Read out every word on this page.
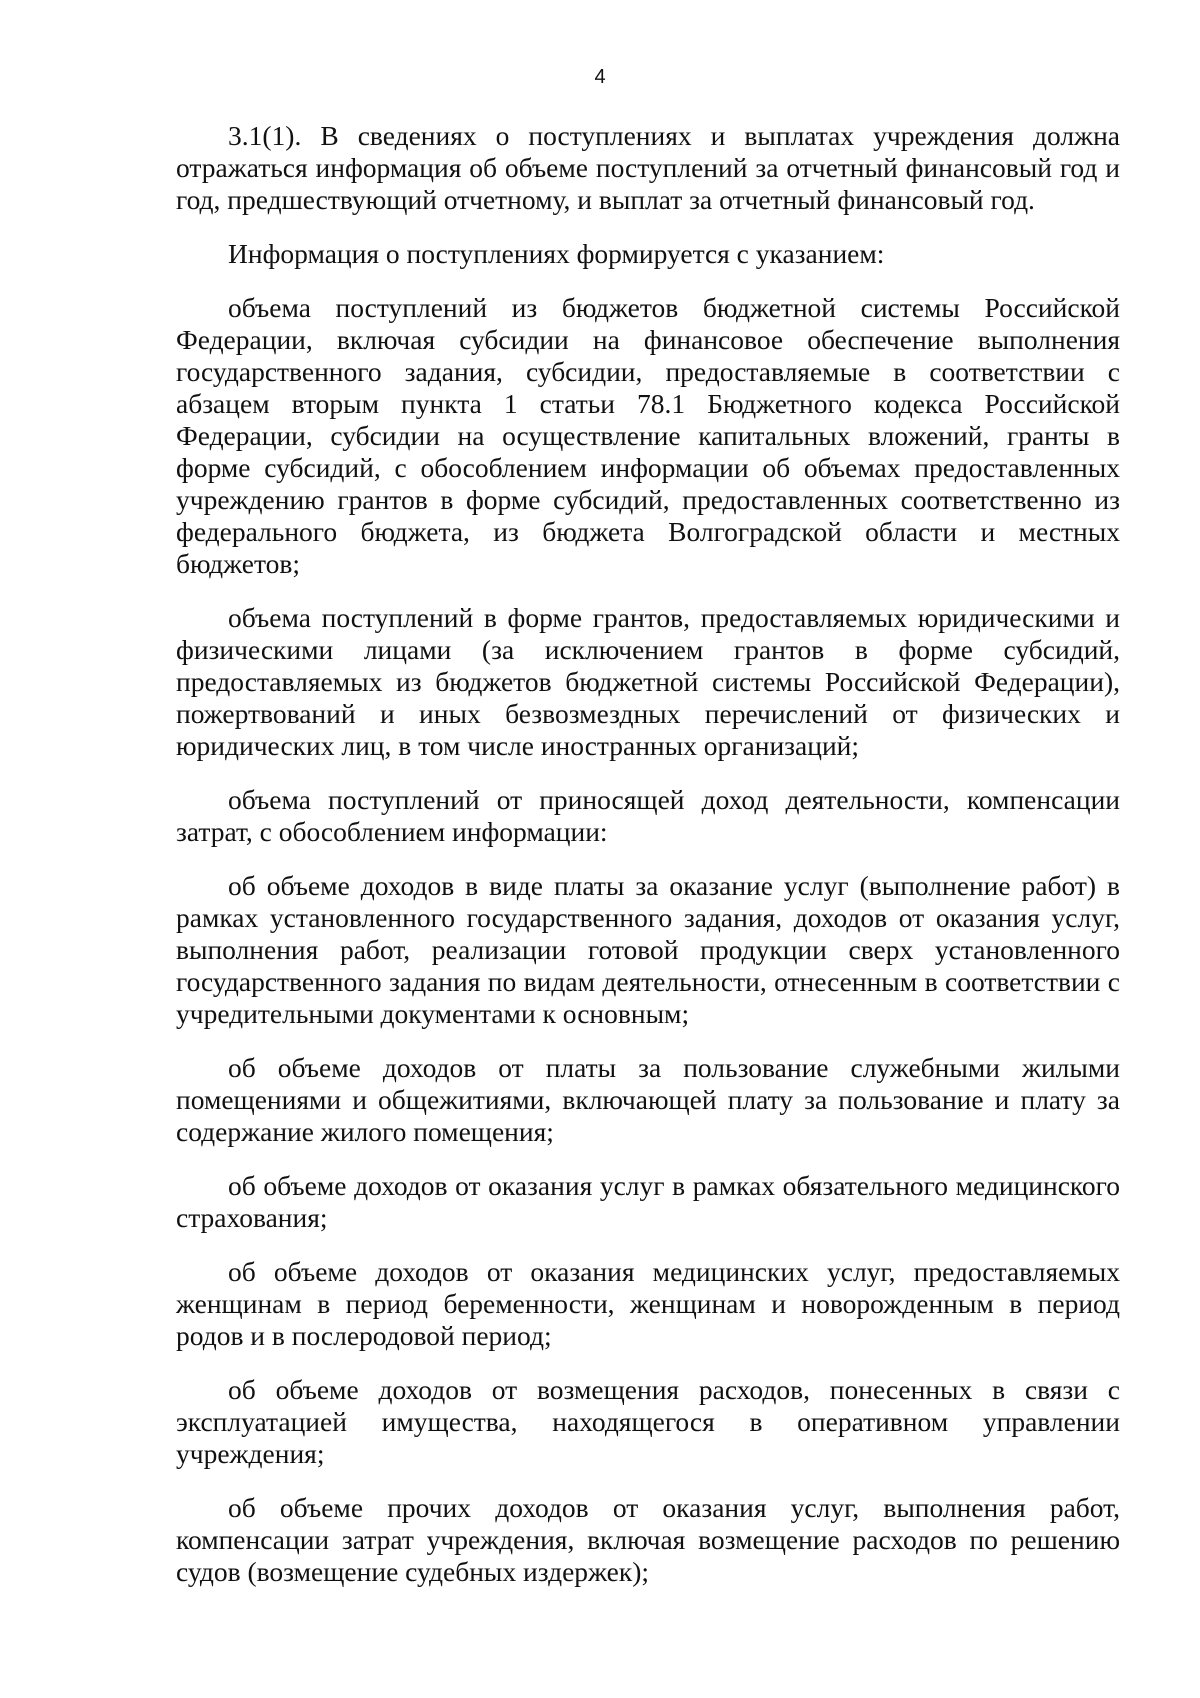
4

3.1(1). В сведениях о поступлениях и выплатах учреждения должна отражаться информация об объеме поступлений за отчетный финансовый год и год, предшествующий отчетному, и выплат за отчетный финансовый год.

Информация о поступлениях формируется с указанием:

объема поступлений из бюджетов бюджетной системы Российской Федерации, включая субсидии на финансовое обеспечение выполнения государственного задания, субсидии, предоставляемые в соответствии с абзацем вторым пункта 1 статьи 78.1 Бюджетного кодекса Российской Федерации, субсидии на осуществление капитальных вложений, гранты в форме субсидий, с обособлением информации об объемах предоставленных учреждению грантов в форме субсидий, предоставленных соответственно из федерального бюджета, из бюджета Волгоградской области и местных бюджетов;

объема поступлений в форме грантов, предоставляемых юридическими и физическими лицами (за исключением грантов в форме субсидий, предоставляемых из бюджетов бюджетной системы Российской Федерации), пожертвований и иных безвозмездных перечислений от физических и юридических лиц, в том числе иностранных организаций;

объема поступлений от приносящей доход деятельности, компенсации затрат, с обособлением информации:

об объеме доходов в виде платы за оказание услуг (выполнение работ) в рамках установленного государственного задания, доходов от оказания услуг, выполнения работ, реализации готовой продукции сверх установленного государственного задания по видам деятельности, отнесенным в соответствии с учредительными документами к основным;

об объеме доходов от платы за пользование служебными жилыми помещениями и общежитиями, включающей плату за пользование и плату за содержание жилого помещения;

об объеме доходов от оказания услуг в рамках обязательного медицинского страхования;

об объеме доходов от оказания медицинских услуг, предоставляемых женщинам в период беременности, женщинам и новорожденным в период родов и в послеродовой период;

об объеме доходов от возмещения расходов, понесенных в связи с эксплуатацией имущества, находящегося в оперативном управлении учреждения;

об объеме прочих доходов от оказания услуг, выполнения работ, компенсации затрат учреждения, включая возмещение расходов по решению судов (возмещение судебных издержек);
